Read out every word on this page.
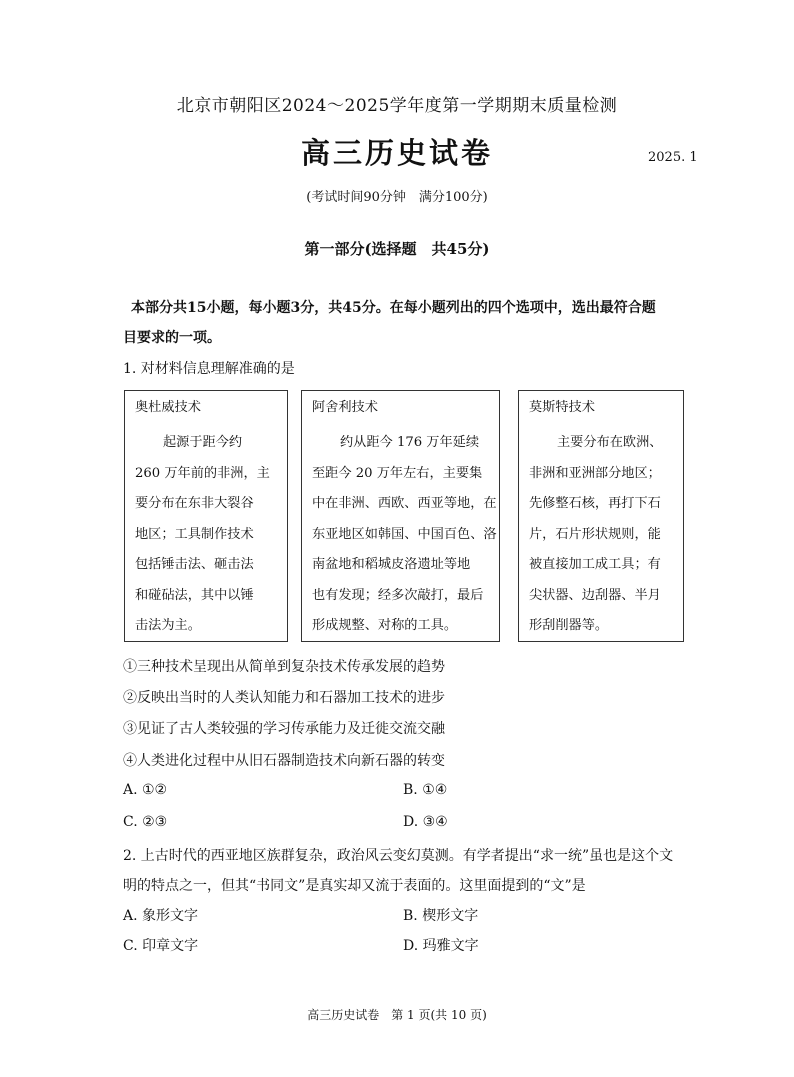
北京市朝阳区2024～2025学年度第一学期期末质量检测
高三历史试卷	2025. 1
(考试时间90分钟　满分100分)
第一部分(选择题　共45分)
本部分共15小题，每小题3分，共45分。在每小题列出的四个选项中，选出最符合题
目要求的一项。
1. 对材料信息理解准确的是
奥杜威技术
起源于距今约
260 万年前的非洲，主
要分布在东非大裂谷
地区；工具制作技术
包括锤击法、砸击法
和碰砧法，其中以锤
击法为主。
阿舍利技术
约从距今 176 万年延续
至距今 20 万年左右，主要集
中在非洲、西欧、西亚等地，在
东亚地区如韩国、中国百色、洛
南盆地和稻城皮洛遗址等地
也有发现；经多次敲打，最后
形成规整、对称的工具。
莫斯特技术
主要分布在欧洲、
非洲和亚洲部分地区；
先修整石核，再打下石
片，石片形状规则，能
被直接加工成工具；有
尖状器、边刮器、半月
形刮削器等。
①三种技术呈现出从简单到复杂技术传承发展的趋势
②反映出当时的人类认知能力和石器加工技术的进步
③见证了古人类较强的学习传承能力及迁徙交流交融
④人类进化过程中从旧石器制造技术向新石器的转变
A. ①②	B. ①④
C. ②③	D. ③④
2. 上古时代的西亚地区族群复杂，政治风云变幻莫测。有学者提出“求一统”虽也是这个文
明的特点之一，但其“书同文”是真实却又流于表面的。这里面提到的“文”是
A. 象形文字	B. 楔形文字
C. 印章文字	D. 玛雅文字
高三历史试卷　第 1 页(共 10 页)
